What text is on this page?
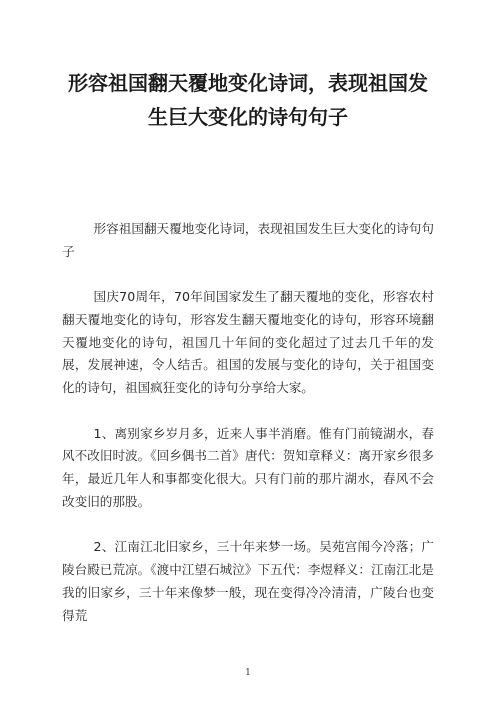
形容祖国翻天覆地变化诗词，表现祖国发生巨大变化的诗句句子

形容祖国翻天覆地变化诗词，表现祖国发生巨大变化的诗句句子

国庆70周年，70年间国家发生了翻天覆地的变化，形容农村翻天覆地变化的诗句，形容发生翻天覆地变化的诗句，形容环境翻天覆地变化的诗句，祖国几十年间的变化超过了过去几千年的发展，发展神速，令人结舌。祖国的发展与变化的诗句，关于祖国变化的诗句，祖国疯狂变化的诗句分享给大家。

1、离别家乡岁月多，近来人事半消磨。惟有门前镜湖水，春风不改旧时波。《回乡偶书二首》唐代：贺知章释义：离开家乡很多年，最近几年人和事都变化很大。只有门前的那片湖水，春风不会改变旧的那股。

2、江南江北旧家乡，三十年来梦一场。吴苑宫闱今冷落；广陵台殿已荒凉。《渡中江望石城泣》下五代：李煜释义：江南江北是我的旧家乡，三十年来像梦一般，现在变得冷冷清清，广陵台也变得荒

1
